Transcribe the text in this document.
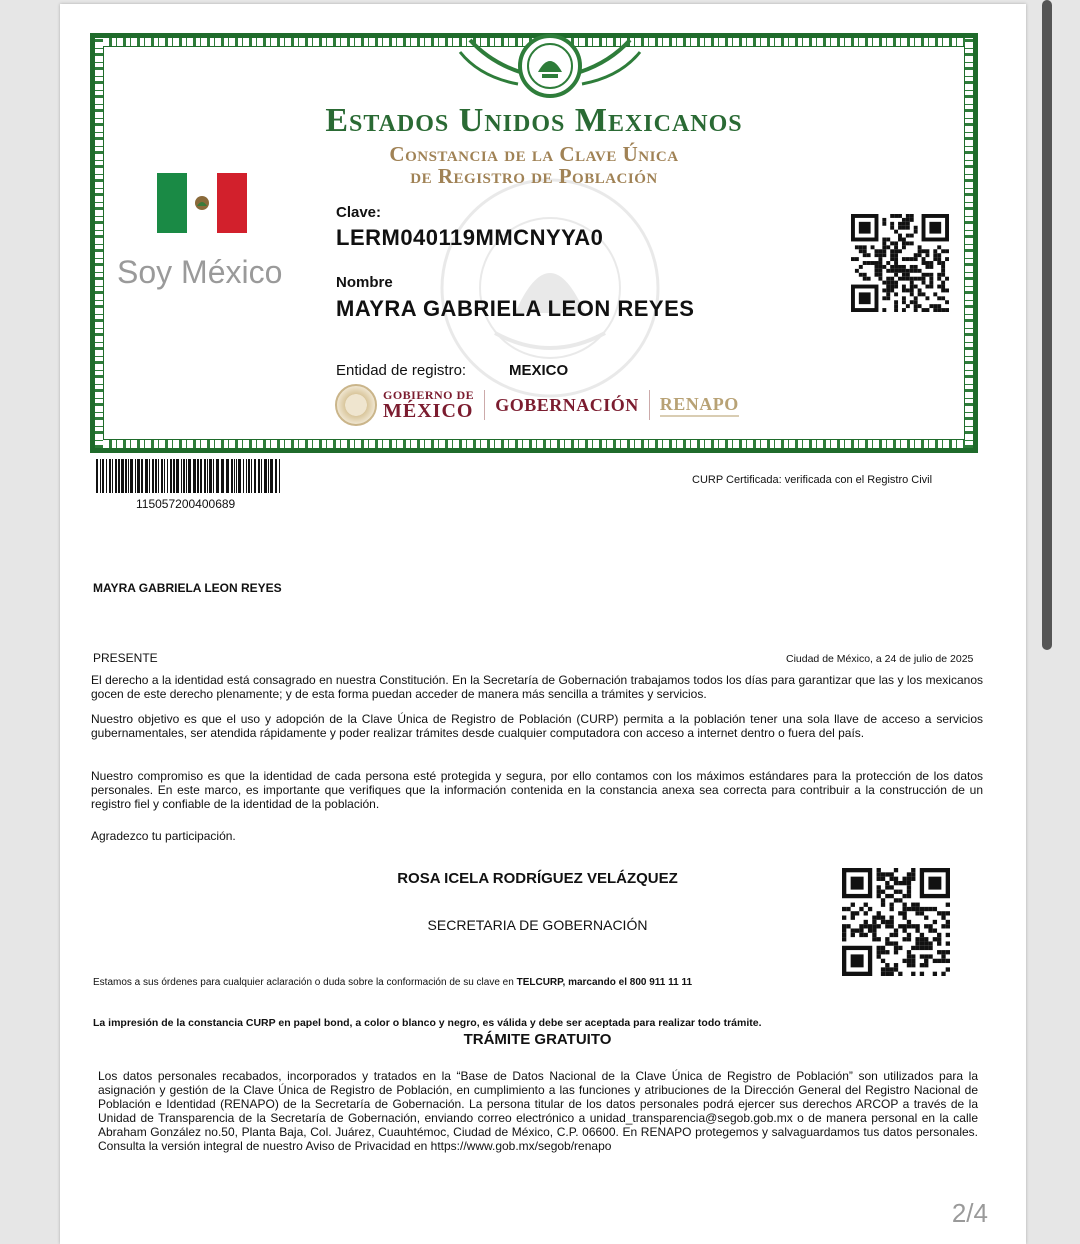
Estados Unidos Mexicanos
Constancia de la Clave Única
de Registro de Población
Soy México
Clave:
LERM040119MMCNYYA0
Nombre
MAYRA GABRIELA LEON REYES
Entidad de registro:	MEXICO
GOBIERNO DE
MÉXICO GOBERNACIÓN RENAPO
115057200400689
CURP Certificada: verificada con el Registro Civil
MAYRA GABRIELA LEON REYES
PRESENTE	Ciudad de México, a 24 de julio de 2025
El derecho a la identidad está consagrado en nuestra Constitución. En la Secretaría de Gobernación trabajamos todos los días para garantizar que las y los mexicanos gocen de este derecho plenamente; y de esta forma puedan acceder de manera más sencilla a trámites y servicios.
Nuestro objetivo es que el uso y adopción de la Clave Única de Registro de Población (CURP) permita a la población tener una sola llave de acceso a servicios gubernamentales, ser atendida rápidamente y poder realizar trámites desde cualquier computadora con acceso a internet dentro o fuera del país.
Nuestro compromiso es que la identidad de cada persona esté protegida y segura, por ello contamos con los máximos estándares para la protección de los datos personales. En este marco, es importante que verifiques que la información contenida en la constancia anexa sea correcta para contribuir a la construcción de un registro fiel y confiable de la identidad de la población.
Agradezco tu participación.
ROSA ICELA RODRÍGUEZ VELÁZQUEZ
SECRETARIA DE GOBERNACIÓN
Estamos a sus órdenes para cualquier aclaración o duda sobre la conformación de su clave en TELCURP, marcando el 800 911 11 11
La impresión de la constancia CURP en papel bond, a color o blanco y negro, es válida y debe ser aceptada para realizar todo trámite.
TRÁMITE GRATUITO
Los datos personales recabados, incorporados y tratados en la “Base de Datos Nacional de la Clave Única de Registro de Población” son utilizados para la asignación y gestión de la Clave Única de Registro de Población, en cumplimiento a las funciones y atribuciones de la Dirección General del Registro Nacional de Población e Identidad (RENAPO) de la Secretaría de Gobernación. La persona titular de los datos personales podrá ejercer sus derechos ARCOP a través de la Unidad de Transparencia de la Secretaría de Gobernación, enviando correo electrónico a unidad_transparencia@segob.gob.mx o de manera personal en la calle Abraham González no.50, Planta Baja, Col. Juárez, Cuauhtémoc, Ciudad de México, C.P. 06600. En RENAPO protegemos y salvaguardamos tus datos personales. Consulta la versión integral de nuestro Aviso de Privacidad en https://www.gob.mx/segob/renapo
2/4
